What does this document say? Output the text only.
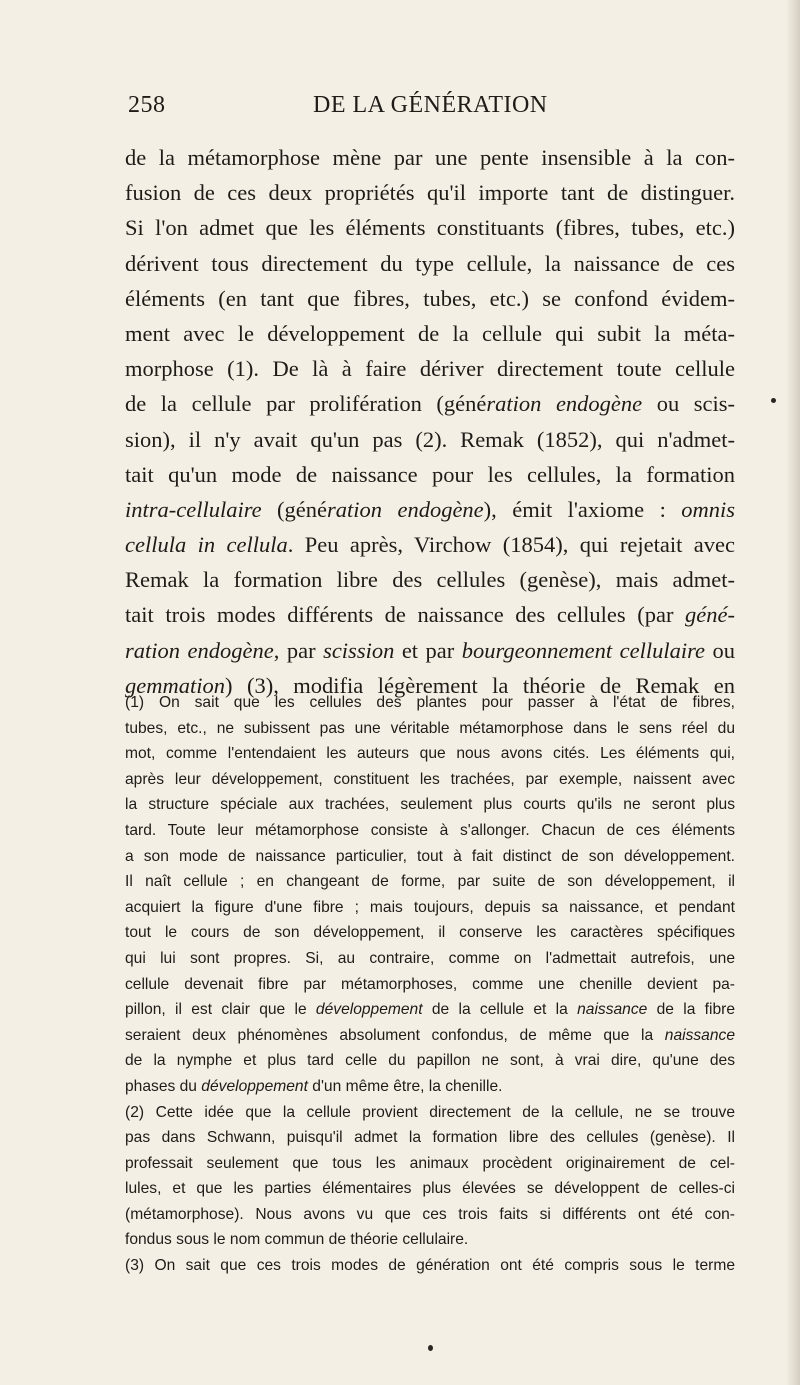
258	DE LA GÉNÉRATION
de la métamorphose mène par une pente insensible à la con-
fusion de ces deux propriétés qu'il importe tant de distinguer.
Si l'on admet que les éléments constituants (fibres, tubes, etc.)
dérivent tous directement du type cellule, la naissance de ces
éléments (en tant que fibres, tubes, etc.) se confond évidem-
ment avec le développement de la cellule qui subit la méta-
morphose (1). De là à faire dériver directement toute cellule
de la cellule par prolifération (génération endogène ou scis-
sion), il n'y avait qu'un pas (2). Remak (1852), qui n'admet-
tait qu'un mode de naissance pour les cellules, la formation
intra-cellulaire (génération endogène), émit l'axiome : omnis
cellula in cellula. Peu après, Virchow (1854), qui rejetait avec
Remak la formation libre des cellules (genèse), mais admet-
tait trois modes différents de naissance des cellules (par géné-
ration endogène, par scission et par bourgeonnement cellulaire ou
gemmation) (3), modifia légèrement la théorie de Remak en
(1) On sait que les cellules des plantes pour passer à l'état de fibres,
tubes, etc., ne subissent pas une véritable métamorphose dans le sens réel du
mot, comme l'entendaient les auteurs que nous avons cités. Les éléments qui,
après leur développement, constituent les trachées, par exemple, naissent avec
la structure spéciale aux trachées, seulement plus courts qu'ils ne seront plus
tard. Toute leur métamorphose consiste à s'allonger. Chacun de ces éléments
a son mode de naissance particulier, tout à fait distinct de son développement.
Il naît cellule ; en changeant de forme, par suite de son développement, il
acquiert la figure d'une fibre ; mais toujours, depuis sa naissance, et pendant
tout le cours de son développement, il conserve les caractères spécifiques
qui lui sont propres. Si, au contraire, comme on l'admettait autrefois, une
cellule devenait fibre par métamorphoses, comme une chenille devient pa-
pillon, il est clair que le développement de la cellule et la naissance de la fibre
seraient deux phénomènes absolument confondus, de même que la naissance
de la nymphe et plus tard celle du papillon ne sont, à vrai dire, qu'une des
phases du développement d'un même être, la chenille.
(2) Cette idée que la cellule provient directement de la cellule, ne se trouve
pas dans Schwann, puisqu'il admet la formation libre des cellules (genèse). Il
professait seulement que tous les animaux procèdent originairement de cel-
lules, et que les parties élémentaires plus élevées se développent de celles-ci
(métamorphose). Nous avons vu que ces trois faits si différents ont été con-
fondus sous le nom commun de théorie cellulaire.
(3) On sait que ces trois modes de génération ont été compris sous le terme
